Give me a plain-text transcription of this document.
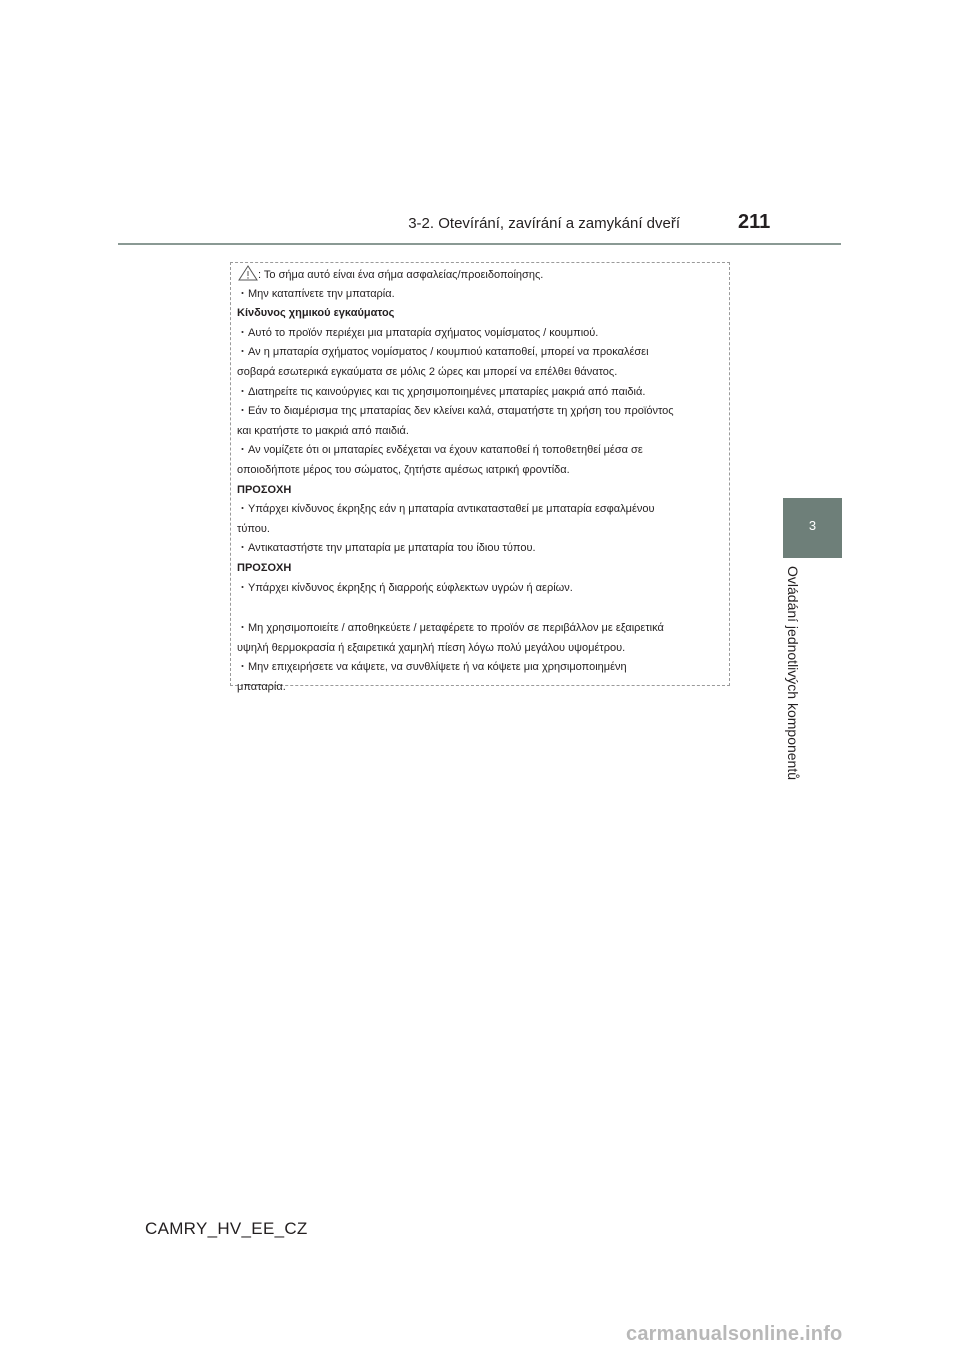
3-2. Otevírání, zavírání a zamykání dveří	211
3
Ovládání jednotlivých komponentů
: Το σήμα αυτό είναι ένα σήμα ασφαλείας/προειδοποίησης.
・Μην καταπίνετε την μπαταρία.
Κίνδυνος χημικού εγκαύματος
・Αυτό το προϊόν περιέχει μια μπαταρία σχήματος νομίσματος / κουμπιού.
・Αν η μπαταρία σχήματος νομίσματος / κουμπιού καταποθεί, μπορεί να προκαλέσει
σοβαρά εσωτερικά εγκαύματα σε μόλις 2 ώρες και μπορεί να επέλθει θάνατος.
・Διατηρείτε τις καινούργιες και τις χρησιμοποιημένες μπαταρίες μακριά από παιδιά.
・Εάν το διαμέρισμα της μπαταρίας δεν κλείνει καλά, σταματήστε τη χρήση του προϊόντος
και κρατήστε το μακριά από παιδιά.
・Αν νομίζετε ότι οι μπαταρίες ενδέχεται να έχουν καταποθεί ή τοποθετηθεί μέσα σε
οποιοδήποτε μέρος του σώματος, ζητήστε αμέσως ιατρική φροντίδα.
ΠΡΟΣΟΧΗ
・Υπάρχει κίνδυνος έκρηξης εάν η μπαταρία αντικατασταθεί με μπαταρία εσφαλμένου
τύπου.
・Αντικαταστήστε την μπαταρία με μπαταρία του ίδιου τύπου.
ΠΡΟΣΟΧΗ
・Υπάρχει κίνδυνος έκρηξης ή διαρροής εύφλεκτων υγρών ή αερίων.
・Μη χρησιμοποιείτε / αποθηκεύετε / μεταφέρετε το προϊόν σε περιβάλλον με εξαιρετικά
υψηλή θερμοκρασία ή εξαιρετικά χαμηλή πίεση λόγω πολύ μεγάλου υψομέτρου.
・Μην επιχειρήσετε να κάψετε, να συνθλίψετε ή να κόψετε μια χρησιμοποιημένη
μπαταρία.
CAMRY_HV_EE_CZ
carmanualsonline.info
